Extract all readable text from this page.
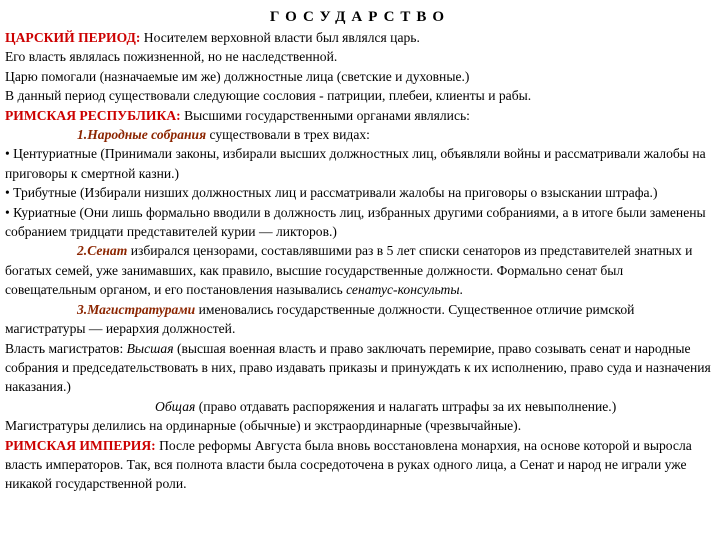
ГОСУДАРСТВО

ЦАРСКИЙ ПЕРИОД: Носителем верховной власти был являлся царь.

Его власть являлась пожизненной, но не наследственной.

Царю помогали (назначаемые им же) должностные лица (светские и духовные.)

В данный период существовали следующие сословия - патриции, плебеи, клиенты и рабы.

РИМСКАЯ РЕСПУБЛИКА: Высшими государственными органами являлись:

1.Народные собрания существовали в трех видах:

• Центуриатные (Принимали законы, избирали высших должностных лиц, объявляли войны и рассматривали жалобы на приговоры к смертной казни.)

• Трибутные (Избирали низших должностных лиц и рассматривали жалобы на приговоры о взыскании штрафа.)

• Куриатные (Они лишь формально вводили в должность лиц, избранных другими собраниями, а в итоге были заменены собранием тридцати представителей курии — ликторов.)

2.Сенат избирался цензорами, составлявшими раз в 5 лет списки сенаторов из представителей знатных и богатых семей, уже занимавших, как правило, высшие государственные должности. Формально сенат был совещательным органом, и его постановления назывались сенатус-консульты.

3.Магистратурами именовались государственные должности. Существенное отличие римской магистратуры — иерархия должностей.

Власть магистратов: Высшая (высшая военная власть и право заключать перемирие, право созывать сенат и народные собрания и председательствовать в них, право издавать приказы и принуждать к их исполнению, право суда и назначения наказания.)

Общая (право отдавать распоряжения и налагать штрафы за их невыполнение.)

Магистратуры делились на ординарные (обычные) и экстраординарные (чрезвычайные).

РИМСКАЯ ИМПЕРИЯ: После реформы Августа была вновь восстановлена монархия, на основе которой и выросла власть императоров. Так, вся полнота власти была сосредоточена в руках одного лица, а Сенат и народ не играли уже никакой государственной роли.
